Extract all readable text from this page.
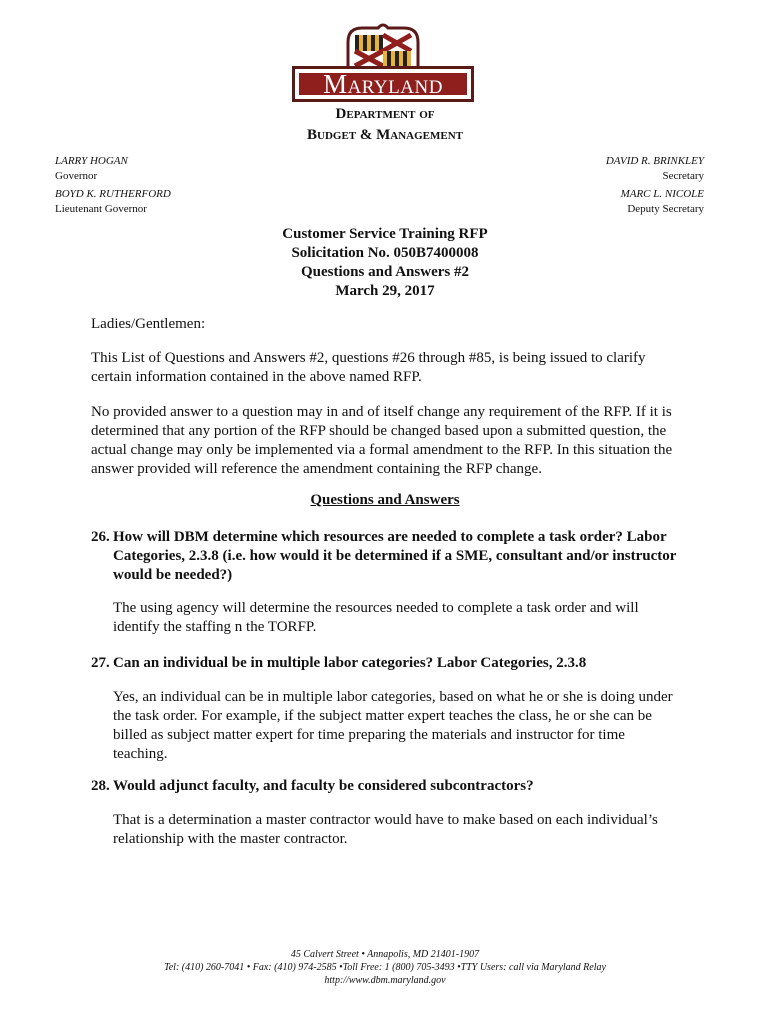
Maryland
Department of
Budget & Management
LARRY HOGAN
Governor
BOYD K. RUTHERFORD
Lieutenant Governor
DAVID R. BRINKLEY
Secretary
MARC L. NICOLE
Deputy Secretary
Customer Service Training RFP
Solicitation No. 050B7400008
Questions and Answers #2
March 29, 2017
Ladies/Gentlemen:
This List of Questions and Answers #2, questions #26 through #85, is being issued to clarify certain information contained in the above named RFP.
No provided answer to a question may in and of itself change any requirement of the RFP. If it is determined that any portion of the RFP should be changed based upon a submitted question, the actual change may only be implemented via a formal amendment to the RFP. In this situation the answer provided will reference the amendment containing the RFP change.
Questions and Answers
26. How will DBM determine which resources are needed to complete a task order? Labor Categories, 2.3.8 (i.e. how would it be determined if a SME, consultant and/or instructor would be needed?)
The using agency will determine the resources needed to complete a task order and will identify the staffing n the TORFP.
27. Can an individual be in multiple labor categories? Labor Categories, 2.3.8
Yes, an individual can be in multiple labor categories, based on what he or she is doing under the task order. For example, if the subject matter expert teaches the class, he or she can be billed as subject matter expert for time preparing the materials and instructor for time teaching.
28. Would adjunct faculty, and faculty be considered subcontractors?
That is a determination a master contractor would have to make based on each individual’s relationship with the master contractor.
45 Calvert Street • Annapolis, MD 21401-1907
Tel: (410) 260-7041 • Fax: (410) 974-2585 •Toll Free: 1 (800) 705-3493 •TTY Users: call via Maryland Relay
http://www.dbm.maryland.gov
